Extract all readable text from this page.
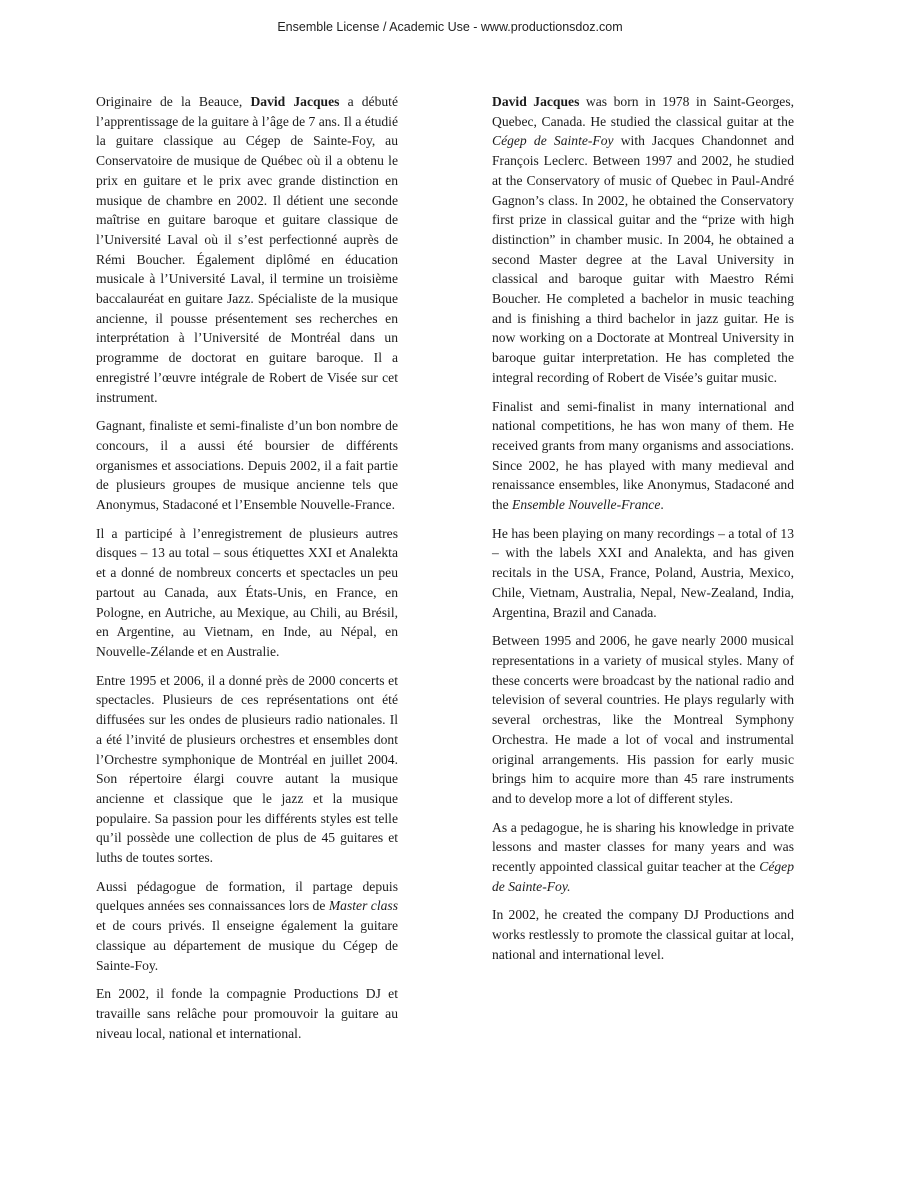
Ensemble License / Academic Use - www.productionsdoz.com

Originaire de la Beauce, David Jacques a débuté l’apprentissage de la guitare à l’âge de 7 ans. Il a étudié la guitare classique au Cégep de Sainte-Foy, au Conservatoire de musique de Québec où il a obtenu le prix en guitare et le prix avec grande distinction en musique de chambre en 2002. Il détient une seconde maîtrise en guitare baroque et guitare classique de l’Université Laval où il s’est perfectionné auprès de Rémi Boucher. Également diplômé en éducation musicale à l’Université Laval, il termine un troisième baccalauréat en guitare Jazz. Spécialiste de la musique ancienne, il pousse présentement ses recherches en interprétation à l’Université de Montréal dans un programme de doctorat en guitare baroque. Il a enregistré l’œuvre intégrale de Robert de Visée sur cet instrument.

Gagnant, finaliste et semi-finaliste d’un bon nombre de concours, il a aussi été boursier de différents organismes et associations. Depuis 2002, il a fait partie de plusieurs groupes de musique ancienne tels que Anonymus, Stadaconé et l’Ensemble Nouvelle-France.

Il a participé à l’enregistrement de plusieurs autres disques – 13 au total – sous étiquettes XXI et Analekta et a donné de nombreux concerts et spectacles un peu partout au Canada, aux États-Unis, en France, en Pologne, en Autriche, au Mexique, au Chili, au Brésil, en Argentine, au Vietnam, en Inde, au Népal, en Nouvelle-Zélande et en Australie.

Entre 1995 et 2006, il a donné près de 2000 concerts et spectacles. Plusieurs de ces représentations ont été diffusées sur les ondes de plusieurs radio nationales. Il a été l’invité de plusieurs orchestres et ensembles dont l’Orchestre symphonique de Montréal en juillet 2004. Son répertoire élargi couvre autant la musique ancienne et classique que le jazz et la musique populaire. Sa passion pour les différents styles est telle qu’il possède une collection de plus de 45 guitares et luths de toutes sortes.

Aussi pédagogue de formation, il partage depuis quelques années ses connaissances lors de Master class et de cours privés. Il enseigne également la guitare classique au département de musique du Cégep de Sainte-Foy.

En 2002, il fonde la compagnie Productions DJ et travaille sans relâche pour promouvoir la guitare au niveau local, national et international.

David Jacques was born in 1978 in Saint-Georges, Quebec, Canada. He studied the classical guitar at the Cégep de Sainte-Foy with Jacques Chandonnet and François Leclerc. Between 1997 and 2002, he studied at the Conservatory of music of Quebec in Paul-André Gagnon’s class. In 2002, he obtained the Conservatory first prize in classical guitar and the “prize with high distinction” in chamber music. In 2004, he obtained a second Master degree at the Laval University in classical and baroque guitar with Maestro Rémi Boucher. He completed a bachelor in music teaching and is finishing a third bachelor in jazz guitar. He is now working on a Doctorate at Montreal University in baroque guitar interpretation. He has completed the integral recording of Robert de Visée’s guitar music.

Finalist and semi-finalist in many international and national competitions, he has won many of them. He received grants from many organisms and associations. Since 2002, he has played with many medieval and renaissance ensembles, like Anonymus, Stadaconé and the Ensemble Nouvelle-France.

He has been playing on many recordings – a total of 13 – with the labels XXI and Analekta, and has given recitals in the USA, France, Poland, Austria, Mexico, Chile, Vietnam, Australia, Nepal, New-Zealand, India, Argentina, Brazil and Canada.

Between 1995 and 2006, he gave nearly 2000 musical representations in a variety of musical styles. Many of these concerts were broadcast by the national radio and television of several countries. He plays regularly with several orchestras, like the Montreal Symphony Orchestra. He made a lot of vocal and instrumental original arrangements. His passion for early music brings him to acquire more than 45 rare instruments and to develop more a lot of different styles.

As a pedagogue, he is sharing his knowledge in private lessons and master classes for many years and was recently appointed classical guitar teacher at the Cégep de Sainte-Foy.

In 2002, he created the company DJ Productions and works restlessly to promote the classical guitar at local, national and international level.
